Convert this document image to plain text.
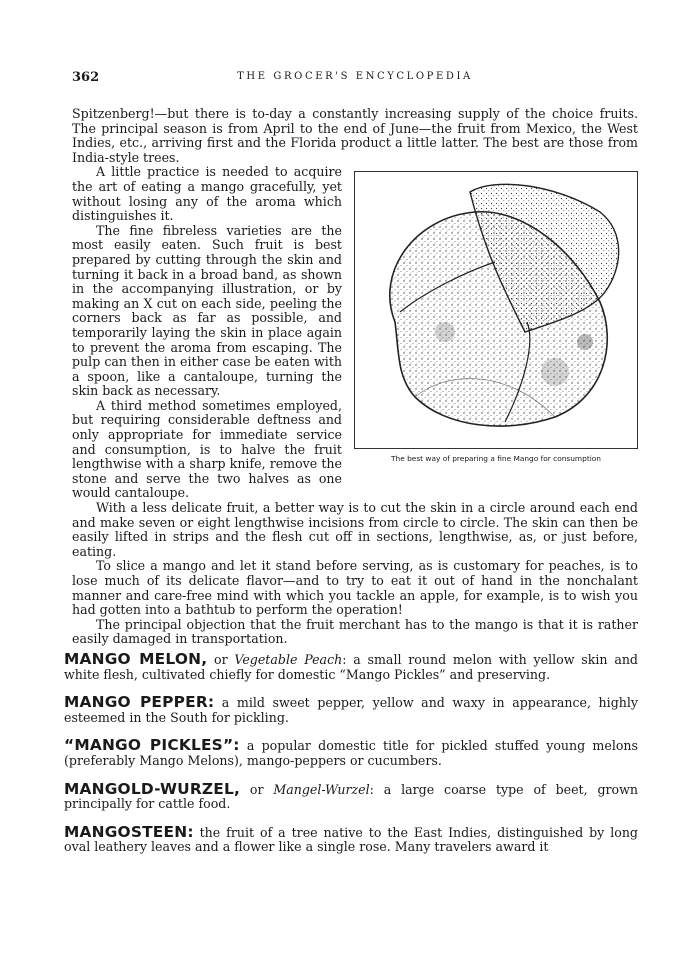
362	THE GROCER'S ENCYCLOPEDIA

Spitzenberg!—but there is to-day a constantly increasing supply of the choice fruits. The principal season is from April to the end of June—the fruit from Mexico, the West Indies, etc., arriving first and the Florida product a little latter. The best are those from India-style trees.

The best way of preparing a fine Mango for consumption

A little practice is needed to acquire the art of eating a mango gracefully, yet without losing any of the aroma which distinguishes it.

The fine fibreless varieties are the most easily eaten. Such fruit is best prepared by cutting through the skin and turning it back in a broad band, as shown in the accompanying illustration, or by making an X cut on each side, peeling the corners back as far as possible, and temporarily laying the skin in place again to prevent the aroma from escaping. The pulp can then in either case be eaten with a spoon, like a cantaloupe, turning the skin back as necessary.

A third method sometimes employed, but requiring considerable deftness and only appropriate for immediate service and consumption, is to halve the fruit lengthwise with a sharp knife, remove the stone and serve the two halves as one would cantaloupe.

With a less delicate fruit, a better way is to cut the skin in a circle around each end and make seven or eight lengthwise incisions from circle to circle. The skin can then be easily lifted in strips and the flesh cut off in sections, lengthwise, as, or just before, eating.

To slice a mango and let it stand before serving, as is customary for peaches, is to lose much of its delicate flavor—and to try to eat it out of hand in the nonchalant manner and care-free mind with which you tackle an apple, for example, is to wish you had gotten into a bathtub to perform the operation!

The principal objection that the fruit merchant has to the mango is that it is rather easily damaged in transportation.

MANGO MELON, or Vegetable Peach: a small round melon with yellow skin and white flesh, cultivated chiefly for domestic “Mango Pickles” and preserving.
MANGO PEPPER: a mild sweet pepper, yellow and waxy in appearance, highly esteemed in the South for pickling.
“MANGO PICKLES”: a popular domestic title for pickled stuffed young melons (preferably Mango Melons), mango-peppers or cucumbers.
MANGOLD-WURZEL, or Mangel-Wurzel: a large coarse type of beet, grown principally for cattle food.
MANGOSTEEN: the fruit of a tree native to the East Indies, distinguished by long oval leathery leaves and a flower like a single rose. Many travelers award it
